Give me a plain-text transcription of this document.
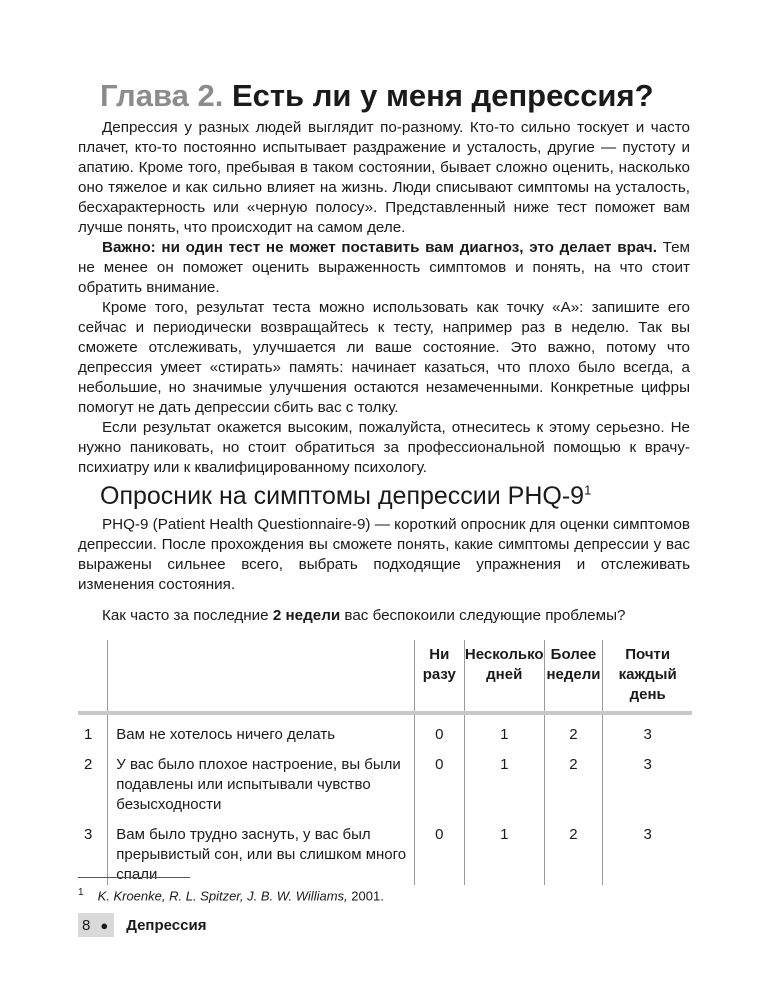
Глава 2. Есть ли у меня депрессия?

Депрессия у разных людей выглядит по-разному. Кто-то сильно тоскует и часто плачет, кто-то постоянно испытывает раздражение и усталость, другие — пустоту и апатию. Кроме того, пребывая в таком состоянии, бывает сложно оценить, насколько оно тяжелое и как сильно влияет на жизнь. Люди списывают симптомы на усталость, бесхарактерность или «черную полосу». Представленный ниже тест поможет вам лучше понять, что происходит на самом деле.

Важно: ни один тест не может поставить вам диагноз, это делает врач. Тем не менее он поможет оценить выраженность симптомов и понять, на что стоит обратить внимание.

Кроме того, результат теста можно использовать как точку «А»: запишите его сейчас и периодически возвращайтесь к тесту, например раз в неделю. Так вы сможете отслеживать, улучшается ли ваше состояние. Это важно, потому что депрессия умеет «стирать» память: начинает казаться, что плохо было всегда, а небольшие, но значимые улучшения остаются незамеченными. Конкретные цифры помогут не дать депрессии сбить вас с толку.

Если результат окажется высоким, пожалуйста, отнеситесь к этому серьезно. Не нужно паниковать, но стоит обратиться за профессиональной помощью к врачу-психиатру или к квалифицированному психологу.

Опросник на симптомы депрессии PHQ-$9^1$

PHQ-9 (Patient Health Questionnaire-9) — короткий опросник для оценки симптомов депрессии. После прохождения вы сможете понять, какие симптомы депрессии у вас выражены сильнее всего, выбрать подходящие упражнения и отслеживать изменения состояния.

Как часто за последние 2 недели вас беспокоили следующие проблемы?
		Ни разу	Несколько дней	Более недели	Почти каждый день
1	Вам не хотелось ничего делать	0	1	2	3
2	У вас было плохое настроение, вы были подавлены или испытывали чувство безысходности	0	1	2	3
3	Вам было трудно заснуть, у вас был прерывистый сон, или вы слишком много спали	0	1	2	3
$^1$ K. Kroenke, R. L. Spitzer, J. B. W. Williams, 2001.
8 ● Депрессия
